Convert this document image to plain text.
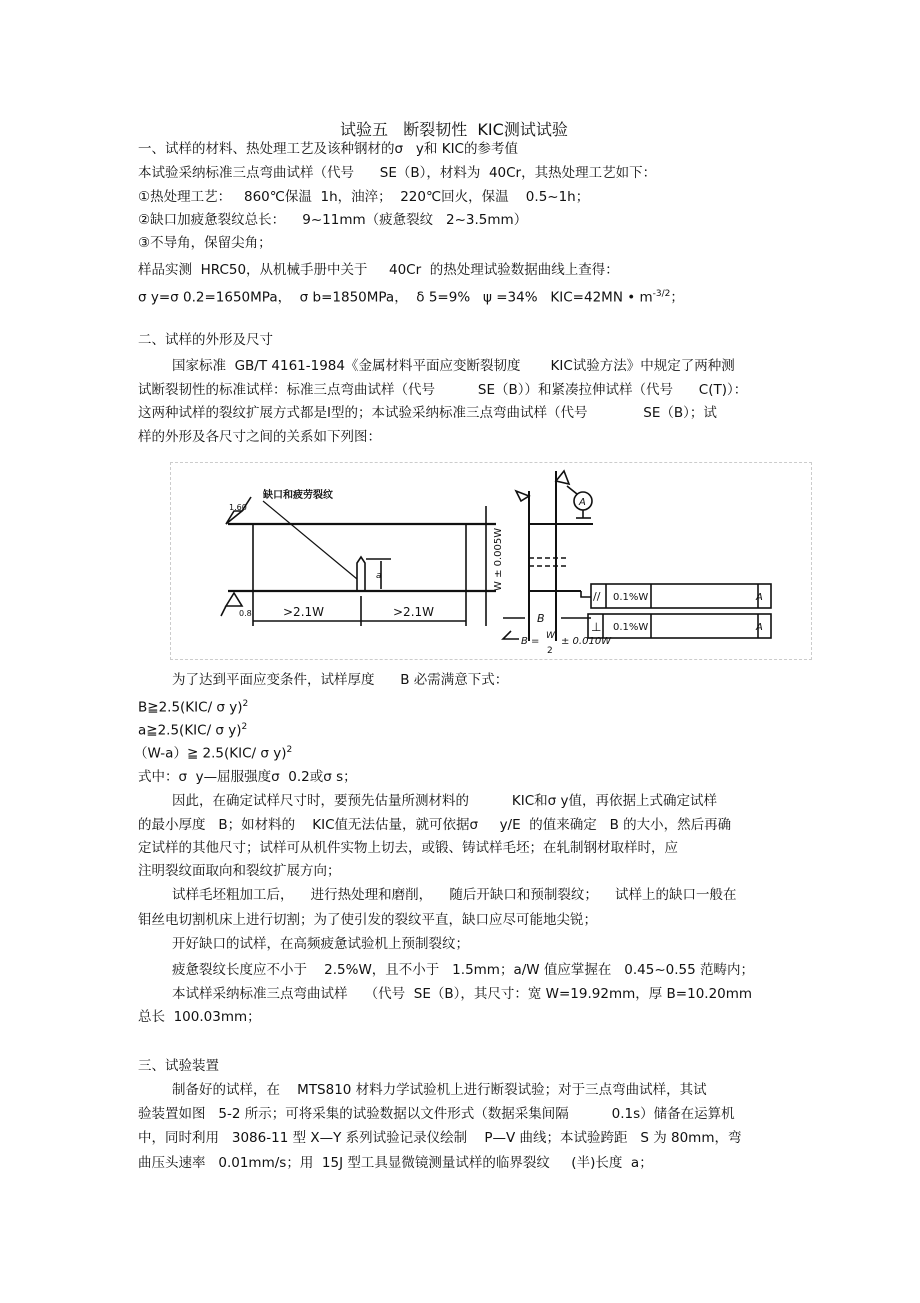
试验五   断裂韧性  KIC测试试验
一、试样的材料、热处理工艺及该种钢材的σ   y和 KIC的参考值
本试验采纳标准三点弯曲试样（代号      SE（B），材料为  40Cr，其热处理工艺如下：
①热处理工艺：   860℃保温  1h，油淬；  220℃回火，保温    0.5~1h；
②缺口加疲惫裂纹总长：    9~11mm（疲惫裂纹   2~3.5mm）
③不导角，保留尖角；
样品实测  HRC50，从机械手册中关于     40Cr  的热处理试验数据曲线上查得：
σ y=σ 0.2=1650MPa，  σ b=1850MPa，  δ 5=9%   ψ =34%   KIC=42MN • $m^{-3/2}$；
二、试样的外形及尺寸
国家标准  GB/T 4161-1984《金属材料平面应变断裂韧度       KIC试验方法》中规定了两种测
试断裂韧性的标准试样：标准三点弯曲试样（代号          SE（B））和紧凑拉伸试样（代号      C(T)）：
这两种试样的裂纹扩展方式都是Ⅰ型的；本试验采纳标准三点弯曲试样（代号             SE（B）；试
样的外形及各尺寸之间的关系如下列图：
缺口和疲劳裂纹
1.60
0.8	>2.1W	>2.1W
a	W ± 0.005W
B
B = W
2
± 0.010W
A
// 0.1%W	A
⊥ 0.1%W	A
为了达到平面应变条件，试样厚度      B 必需满意下式：
B≧2.5(KIC/ σ y)$^2$
a≧2.5(KIC/ σ y)$^2$
（W-a）≧ 2.5(KIC/ σ y)$^2$
式中：σ  y—屈服强度σ  0.2或σ s；
因此，在确定试样尺寸时，要预先估量所测材料的          KIC和σ y值，再依据上式确定试样
的最小厚度   B；如材料的    KIC值无法估量，就可依据σ     y/E  的值来确定   B 的大小，然后再确
定试样的其他尺寸；试样可从机件实物上切去，或锻、铸试样毛坯；在轧制钢材取样时，应
注明裂纹面取向和裂纹扩展方向；
试样毛坯粗加工后，    进行热处理和磨削，    随后开缺口和预制裂纹；    试样上的缺口一般在
钼丝电切割机床上进行切割；为了使引发的裂纹平直，缺口应尽可能地尖锐；
开好缺口的试样，在高频疲惫试验机上预制裂纹；
疲惫裂纹长度应不小于    2.5%W，且不小于   1.5mm；a/W 值应掌握在   0.45~0.55 范畴内；
本试样采纳标准三点弯曲试样    （代号  SE（B），其尺寸：宽 W=19.92mm，厚 B=10.20mm
总长  100.03mm；
三、试验装置
制备好的试样，在    MTS810 材料力学试验机上进行断裂试验；对于三点弯曲试样，其试
验装置如图   5-2 所示；可将采集的试验数据以文件形式（数据采集间隔          0.1s）储备在运算机
中，同时利用   3086-11 型 X—Y 系列试验记录仪绘制    P—V 曲线；本试验跨距   S 为 80mm，弯
曲压头速率   0.01mm/s；用  15J 型工具显微镜测量试样的临界裂纹     (半)长度  a；
